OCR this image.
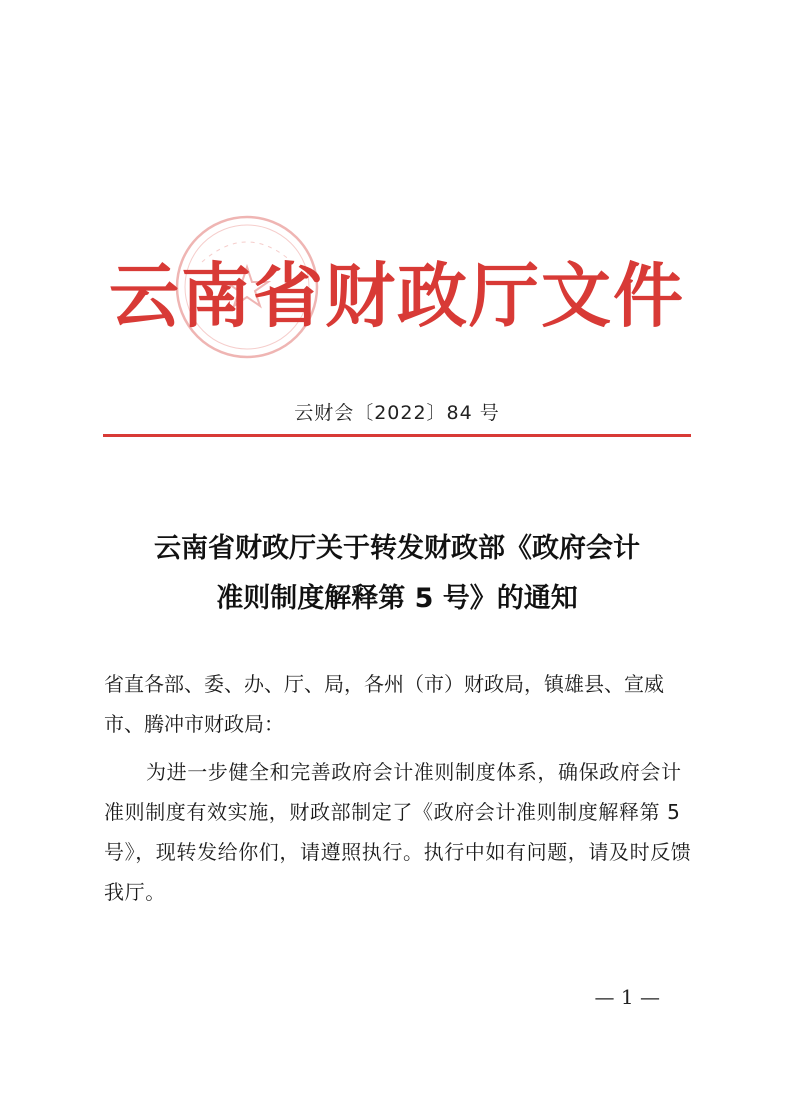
云南省财政厅文件
云财会〔2022〕84 号
云南省财政厅关于转发财政部《政府会计
准则制度解释第 5 号》的通知
省直各部、委、办、厅、局，各州（市）财政局，镇雄县、宣威市、腾冲市财政局：
为进一步健全和完善政府会计准则制度体系，确保政府会计准则制度有效实施，财政部制定了《政府会计准则制度解释第 5 号》，现转发给你们，请遵照执行。执行中如有问题，请及时反馈我厅。
— 1 —
